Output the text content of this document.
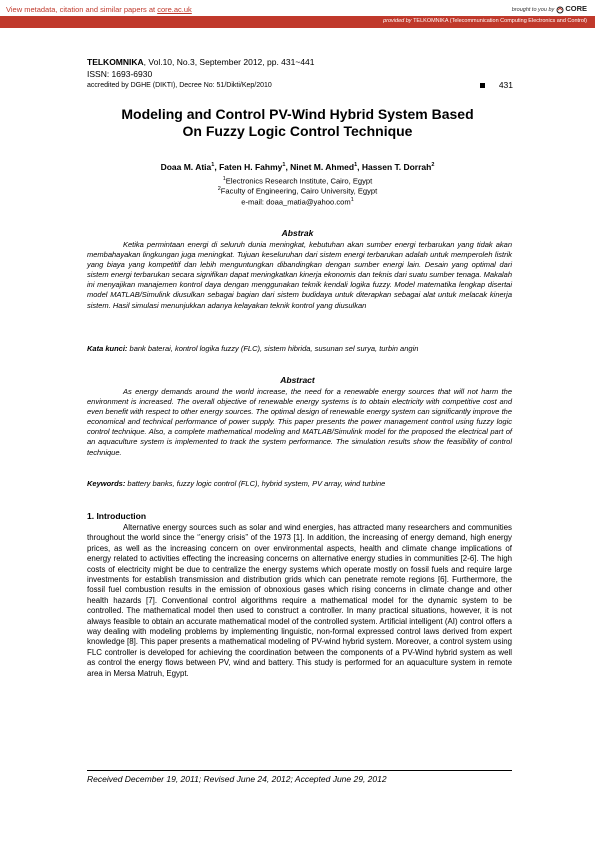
View metadata, citation and similar papers at core.ac.uk	brought to you by CORE
provided by TELKOMNIKA (Telecommunication Computing Electronics and Control)
TELKOMNIKA, Vol.10, No.3, September 2012, pp. 431~441
ISSN: 1693-6930
accredited by DGHE (DIKTI), Decree No: 51/Dikti/Kep/2010	431
Modeling and Control PV-Wind Hybrid System Based
On Fuzzy Logic Control Technique
Doaa M. Atia$^1$, Faten H. Fahmy$^1$, Ninet M. Ahmed$^1$, Hassen T. Dorrah$^2$
$^1$Electronics Research Institute, Cairo, Egypt
$^2$Faculty of Engineering, Cairo University, Egypt
e-mail: doaa_matia@yahoo.com$^1$
Abstrak
Ketika permintaan energi di seluruh dunia meningkat, kebutuhan akan sumber energi terbarukan yang tidak akan membahayakan lingkungan juga meningkat. Tujuan keseluruhan dari sistem energi terbarukan adalah untuk memperoleh listrik yang biaya yang kompetitif dan lebih menguntungkan dibandingkan dengan sumber energi lain. Desain yang optimal dari sistem energi terbarukan secara signifikan dapat meningkatkan kinerja ekonomis dan teknis dari suatu sumber tenaga. Makalah ini menyajikan manajemen kontrol daya dengan menggunakan teknik kendali logika fuzzy. Model matematika lengkap disertai model MATLAB/Simulink diusulkan sebagai bagian dari sistem budidaya untuk diterapkan sebagai alat untuk melacak kinerja sistem. Hasil simulasi menunjukkan adanya kelayakan teknik kontrol yang diusulkan
Kata kunci: bank baterai, kontrol logika fuzzy (FLC), sistem hibrida, susunan sel surya, turbin angin
Abstract
As energy demands around the world increase, the need for a renewable energy sources that will not harm the environment is increased. The overall objective of renewable energy systems is to obtain electricity with competitive cost and even benefit with respect to other energy sources. The optimal design of renewable energy system can significantly improve the economical and technical performance of power supply. This paper presents the power management control using fuzzy logic control technique. Also, a complete mathematical modeling and MATLAB/Simulink model for the proposed the electrical part of an aquaculture system is implemented to track the system performance. The simulation results show the feasibility of control technique.
Keywords: battery banks, fuzzy logic control (FLC), hybrid system, PV array, wind turbine
1. Introduction
Alternative energy sources such as solar and wind energies, has attracted many researchers and communities throughout the world since the ‘’energy crisis” of the 1973 [1]. In addition, the increasing of energy demand, high energy prices, as well as the increasing concern on over environmental aspects, health and climate change implications of energy related to activities effecting the increasing concerns on alternative energy studies in communities [2-6]. The high costs of electricity might be due to centralize the energy systems which operate mostly on fossil fuels and require large investments for establish transmission and distribution grids which can penetrate remote regions [6]. Furthermore, the fossil fuel combustion results in the emission of obnoxious gases which rising concerns in climate change and other health hazards [7]. Conventional control algorithms require a mathematical model for the dynamic system to be controlled. The mathematical model then used to construct a controller. In many practical situations, however, it is not always feasible to obtain an accurate mathematical model of the controlled system. Artificial intelligent (AI) control offers a way dealing with modeling problems by implementing linguistic, non-formal expressed control laws derived from expert knowledge [8]. This paper presents a mathematical modeling of PV-wind hybrid system. Moreover, a control system using FLC controller is developed for achieving the coordination between the components of a PV-Wind hybrid system as well as control the energy flows between PV, wind and battery. This study is performed for an aquaculture system in remote area in Mersa Matruh, Egypt.
Received December 19, 2011; Revised June 24, 2012; Accepted June 29, 2012
